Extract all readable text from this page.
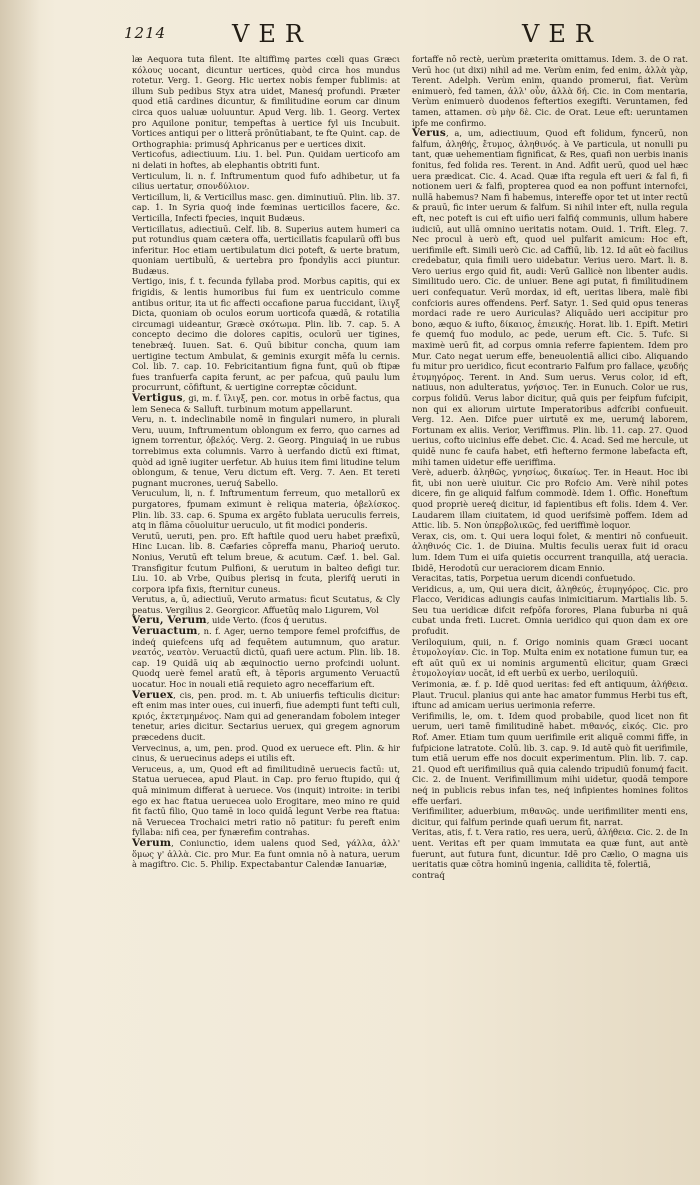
1214	VER	VER

læ Aequora tuta filent. Ite altiffimę partes cœli quas Græcι κόλους uocant, dicuntur uertices, quòd circa hos mundus rotetur. Verg. 1. Georg. Hic uertex nobis femper fublimis: at illum Sub pedibus Styx atra uidet, Manesq́ profundi. Præter quod etiā cardines dicuntur, & fimilitudine eorum car dinum circa quos ualuæ uoluuntur. Apud Verg. lib. 1. Georg. Vertex pro Aquilone ponitur, tempeftas à uertice fyl uis Incubuit. Vortices antiqui per o litterā prōnūtiabant, te fte Quint. cap. de Orthographia: primusq́ Aphricanus per e uertices dixit.

Verticofus, adiectiuum. Liu. 1. bel. Pun. Quidam uerticofo am ni delati in hoftes, ab elephantis obtriti funt.

Verticulum, li. n. f. Inftrumentum quod fufo adhibetur, ut fa cilius uertatur, σπονδύλιον.

Verticillum, li, & Verticillus masc. gen. diminutiuū. Plin. lib. 37. cap. 1. In Syria quoq́ inde fœminas uerticillos facere, &c. Verticilla, Infecti fpecies, inquit Budæus.

Verticillatus, adiectiuū. Celf. lib. 8. Superius autem humeri ca put rotundius quam cætera offa, uerticillatis fcapularū offi bus inferitur. Hoc etiam uertibulatum dici poteft, & uerte bratum, quoniam uertibulū, & uertebra pro fpondylis acci piuntur. Budæus.

Vertigo, inis, f. t. fecunda fyllaba prod. Morbus capitis, qui ex frigidis, & lentis humoribus fui fum ex uentriculo comme antibus oritur, ita ut fic affecti occafione parua fuccidant, ἰλιγξ Dicta, quoniam ob oculos eorum uorticofa quædā, & rotatilia circumagi uideantur, Græcè σκότωμα. Plin. lib. 7. cap. 5. A concepto decimo die dolores capitis, oculorū uer tigines, tenebræq́. Iuuen. Sat. 6. Quū bibitur concha, quum iam uertigine tectum Ambulat, & geminis exurgit mēfa lu cernis. Col. lib. 7. cap. 10. Febricitantium figna funt, quū ob ftipæ fues tranfuerfa capita ferunt, ac per pafcua, quū paulu lum procurrunt, cōfiftunt, & uertigine correptæ cōcidunt.

Vertigus, gi, m. f. ἴλιγξ, pen. cor. motus in orbē factus, qua lem Seneca & Salluft. turbinum motum appellarunt.

Veru, n. t. indeclinabile nomē in fingulari numero, in plurali Veru, uuum, Inftrumentum oblongum ex ferro, quo carnes ad ignem torrentur, ὀβελός. Verg. 2. Georg. Pinguiaq́ in ue rubus torrebimus exta columnis. Varro à uerfando dictū exi ftimat, quòd ad ignē iugiter uerfetur. Ab huius item fimi litudine telum oblongum, & tenue, Veru dictum eft. Verg. 7. Aen. Et tereti pugnant mucrones, ueruq́ Sabello.

Veruculum, li, n. f. Inftrumentum ferreum, quo metallorū ex purgatores, fpumam eximunt è reliqua materia, ὀβελίσκος. Plin. lib. 33. cap. 6. Spuma ex argēto fublata ueruculis ferreis, atq in flāma cōuoluitur ueruculo, ut fit modici ponderis.

Verutū, ueruti, pen. pro. Eft haftile quod ueru habet præfixū, Hinc Lucan. lib. 8. Cæfaries cōpreffa manu, Pharioq́ ueruto. Nonius, Verutū eft telum breue, & acutum. Cæf. 1. bel. Gal. Transfigitur fcutum Pulfioni, & uerutum in balteo defigi tur. Liu. 10. ab Vrbe, Quibus plerisq in fcuta, plerifq́ ueruti in corpora ipfa fixis, fternitur cuneus.

Verutus, a, ū, adiectiuū, Veruto armatus: ficut Scutatus, & Cly peatus. Vergilius 2. Georgicor. Affuetūq malo Ligurem, Vol

Veru, Verum, uide Verto. (fcos q́ uerutus.

Veruactum, n. f. Ager, uerno tempore femel profciffus, de indeq́ quiefcens ufq ad fequētem autumnum, quo aratur. νεατός, νεατὸν. Veruactū dictū, quafi uere actum. Plin. lib. 18. cap. 19 Quidā uiq ab æquinoctio uerno profcindi uolunt. Quodq uerè femel aratū eft, à tēporis argumento Veruactū uocatur. Hoc in nouali etiā requieto agro neceffarium eft.

Veruex, cis, pen. prod. m. t. Ab uniuerfis tefticulis dicitur: eft enim mas inter oues, cui inuerfi, fiue adempti funt tefti culi, κριός, ἐκτετμημένος. Nam qui ad generandam fobolem integer tenetur, aries dicitur. Sectarius ueruex, qui gregem agnorum præcedens ducit.

Vervecinus, a, um, pen. prod. Quod ex ueruece eft. Plin. & hir cinus, & ueruecinus adeps ei utilis eft.

Veruceus, a, um, Quod eft ad fimilitudinē ueruecis factū: ut, Statua ueruecea, apud Plaut. in Cap. pro feruo ftupido, qui q́ quā minimum differat à ueruece. Vos (inquit) introite: in teribi ego ex hac ftatua ueruecea uolo Erogitare, meo mino re quid fit factū filio, Quo tamē in loco quidā legunt Verbe rea ftatua: nā Veruecea Trochaici metri ratio nō patitur: fu pereft enim fyllaba: nifi cea, per fynærefim contrahas.

Verum, Coniunctio, idem ualens quod Sed, γάλλα, ἀλλ' ὅμως γ' ἀλλὰ. Cic. pro Mur. Ea funt omnia nō à natura, uerum à magiftro. Cic. 5. Philip. Expectabantur Calendæ Ianuariæ,

fortaffe nō rectè, uerùm præterita omittamus. Idem. 3. de O rat. Verū hoc (ut dixi) nihil ad me. Verùm enim, fed enim, ἀλλὰ γὰρ, Terent. Adelph. Verùm enim, quando promerui, fiat. Verùm enimuerò, fed tamen, ἀλλ' οὖν, ἀλλὰ δή. Cic. in Com mentaria, Verùm enimuerò duodenos feftertios exegifti. Veruntamen, fed tamen, attamen. σὺ μὴν δὲ. Cic. de Orat. Leue eft: ueruntamen ipfe me confirmo.

Verus, a, um, adiectiuum, Quod eft folidum, fyncerū, non falfum, ἀληθής, ἔτυμος, ἀληθινός. à Ve particula, ut nonulli pu tant, quæ uehementiam fignificat, & Res, quafi non uerbis inanis fonitus, fed folida res. Terent. in And. Adfit uerū, quod uel hæc uera prædicat. Cic. 4. Acad. Quæ ifta regula eft ueri & fal fi, fi notionem ueri & falfi, propterea quod ea non poffunt internofci, nullā habemus? Nam fi habemus, intereffe opor tet ut inter rectū & prauū, fic inter uerum & falfum. Si nihil inter eft, nulla regula eft, nec poteft is cui eft uifio ueri falfiq́ communis, ullum habere iudiciū, aut ullā omnino ueritatis notam. Ouid. 1. Trift. Eleg. 7. Nec procul à uerò eft, quod uel pulfarit amicum: Hoc eft, uerifimile eft. Simili uerò Cic. ad Caffiū, lib. 12. Id aūt eò facilius credebatur, quia fimili uero uidebatur. Verius uero. Mart. li. 8. Vero uerius ergo quid fit, audi: Verū Gallicè non libenter audis. Similitudo uero. Cic. de uniuer. Bene agi putat, fi fimilitudinem ueri confequatur. Verū mordax, id eft, ueritas libera, malè fibi confcioris aures offendens. Perf. Satyr. 1. Sed quid opus teneras mordaci rade re uero Auriculas? Aliquādo ueri accipitur pro bono, æquo & iufto, δίκαιος, ἐπιεικής. Horat. lib. 1. Epift. Metiri fe quemq́ fuo modulo, ac pede, uerum eft. Cic. 5. Tufc. Si maximè uerū fit, ad corpus omnia referre fapientem. Idem pro Mur. Cato negat uerum effe, beneuolentiā allici cibo. Aliquando fu mitur pro ueridico, ficut econtrario Falfum pro fallace, ψευδής ἐτυμηγόρος. Terent. in And. Sum uerus. Verus color, id eft, natiuus, non adulteratus, γνήσιος. Ter. in Eunuch. Color ue rus, corpus folidū. Verus labor dicitur, quā quis per feipfum fufcipit, non qui ex aliorum uirtute Imperatoribus adfcribi confueuit. Verg. 12. Aen. Difce puer uirtutē ex me, uerumq́ laborem, Fortunam ex aliis. Verior, Veriffimus. Plin. lib. 11. cap. 27. Quod uerius, cofto uicinius effe debet. Cic. 4. Acad. Sed me hercule, ut quidē nunc fe caufa habet, etfi hefterno fermone labefacta eft, mihi tamen uidetur effe ueriffima.

Verè, aduerb. ἀληθῶς, γνησίως, δικαίως. Ter. in Heaut. Hoc ibi fit, ubi non uerè uiuitur. Cic pro Rofcio Am. Verè nihil potes dicere, fin ge aliquid falfum commodè. Idem 1. Offic. Honeftum quod propriè uereq́ dicitur, id fapientibus eft folis. Idem 4. Ver. Laudarem illam ciuitatem, id quod uerifsimè poffem. Idem ad Attic. lib. 5. Non ὑπερβολικῶς, fed ueriffimè loquor.

Verax, cis, om. t. Qui uera loqui folet, & mentiri nō confueuit. ἀληθινός Cic. 1. de Diuina. Multis feculis uerax fuit id oracu lum. Idem Tum ei uifa quietis occurrent tranquilla, atq́ ueracia. Ibidē, Herodotū cur ueraciorem dicam Ennio.

Veracitas, tatis, Porpetua uerum dicendi confuetudo.

Veridicus, a, um, Qui uera dicit, ἀληθεύς, ἐτυμηγόρος. Cic. pro Flacco, Veridicas adiungis caufas inimicitiarum. Martialis lib. 5. Seu tua ueridicæ difcit refpōfa forores, Plana fuburba ni quā cubat unda freti. Lucret. Omnia ueridico qui quon dam ex ore profudit.

Veriloquium, quii, n. f. Origo nominis quam Græci uocant ἐτυμολογίαν. Cic. in Top. Multa enim ex notatione fumun tur, ea eft aūt quū ex ui nominis argumentū elicitur, quam Græci ἐτυμολογίαν uocāt, id eft uerbū ex uerbo, ueriloquiū.

Verimonia, æ. f. p. Idē quod ueritas: fed eft antiquum, ἀλήθεια. Plaut. Trucul. planius qui ante hac amator fummus Herbi tus eft, iftunc ad amicam uerius uerimonia referre.

Verifimilis, le, om. t. Idem quod probabile, quod licet non fit uerum, ueri tamē fimilitudinē habet. πιθανός, εἰκός. Cic. pro Rof. Amer. Etiam tum quum uerifimile erit aliquē commi fiffe, in fufpicione latratote. Colū. lib. 3. cap. 9. Id autē quò fit uerifimile, tum etiā uerum effe nos docuit experimentum. Plin. lib. 7. cap. 21. Quod eft uerifimilius quā quia calendo tripudiū fonumq́ facit. Cic. 2. de Inuent. Verifimillimum mihi uidetur, quodā tempore neq́ in publicis rebus infan tes, neq́ infipientes homines folitos effe uerfari.

Verifimiliter, aduerbium, πιθανῶς. unde uerifimiliter menti ens, dicitur, qui falfum perinde quafi uerum fit, narrat.

Veritas, atis, f. t. Vera ratio, res uera, uerū, ἀλήθεια. Cic. 2. de In uent. Veritas eft per quam immutata ea quæ funt, aut antè fuerunt, aut futura funt, dicuntur. Idē pro Cælio, O magna uis ueritatis quæ cōtra hominū ingenia, callidita tē, folertiā,

contraq́
